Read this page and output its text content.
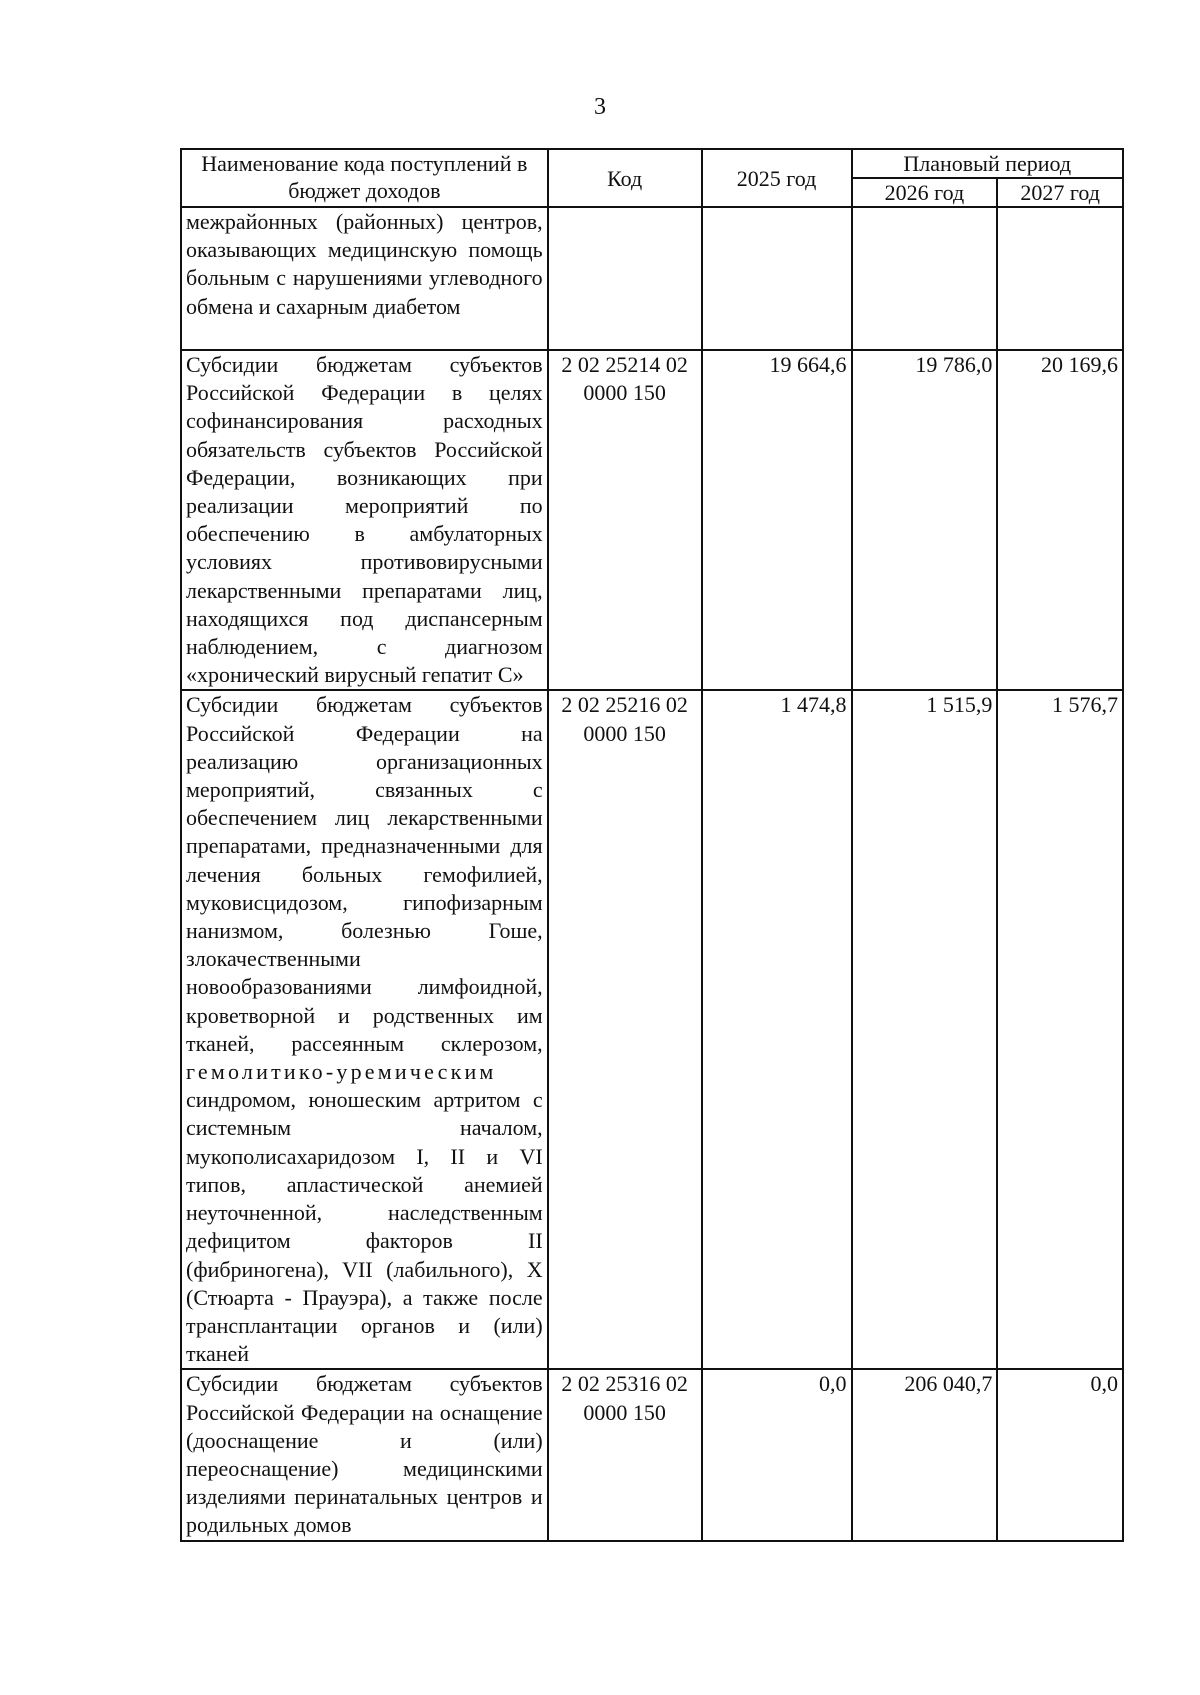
3
Наименование кода поступлений в бюджет доходов	Код	2025 год	Плановый период	
			2026 год	2027 год
межрайонных (районных) центров, оказывающих медицинскую помощь больным с нарушениями углеводного обмена и сахарным диабетом				
Субсидии бюджетам субъектов Российской Федерации в целях софинансирования расходных обязательств субъектов Российской Федерации, возникающих при реализации мероприятий по обеспечению в амбулаторных условиях противовирусными лекарственными препаратами лиц, находящихся под диспансерным наблюдением, с диагнозом «хронический вирусный гепатит С»	2 02 25214 02 0000 150	19 664,6	19 786,0	20 169,6
Субсидии бюджетам субъектов Российской Федерации на реализацию организационных мероприятий, связанных с обеспечением лиц лекарственными препаратами, предназначенными для лечения больных гемофилией, муковисцидозом, гипофизарным нанизмом, болезнью Гоше, злокачественными новообразованиями лимфоидной, кроветворной и родственных им тканей, рассеянным склерозом, гемолитико-уремическим синдромом, юношеским артритом с системным началом, мукополисахаридозом I, II и VI типов, апластической анемией неуточненной, наследственным дефицитом факторов II (фибриногена), VII (лабильного), X (Стюарта - Прауэра), а также после трансплантации органов и (или) тканей	2 02 25216 02 0000 150	1 474,8	1 515,9	1 576,7
Субсидии бюджетам субъектов Российской Федерации на оснащение (дооснащение и (или) переоснащение) медицинскими изделиями перинатальных центров и родильных домов	2 02 25316 02 0000 150	0,0	206 040,7	0,0
